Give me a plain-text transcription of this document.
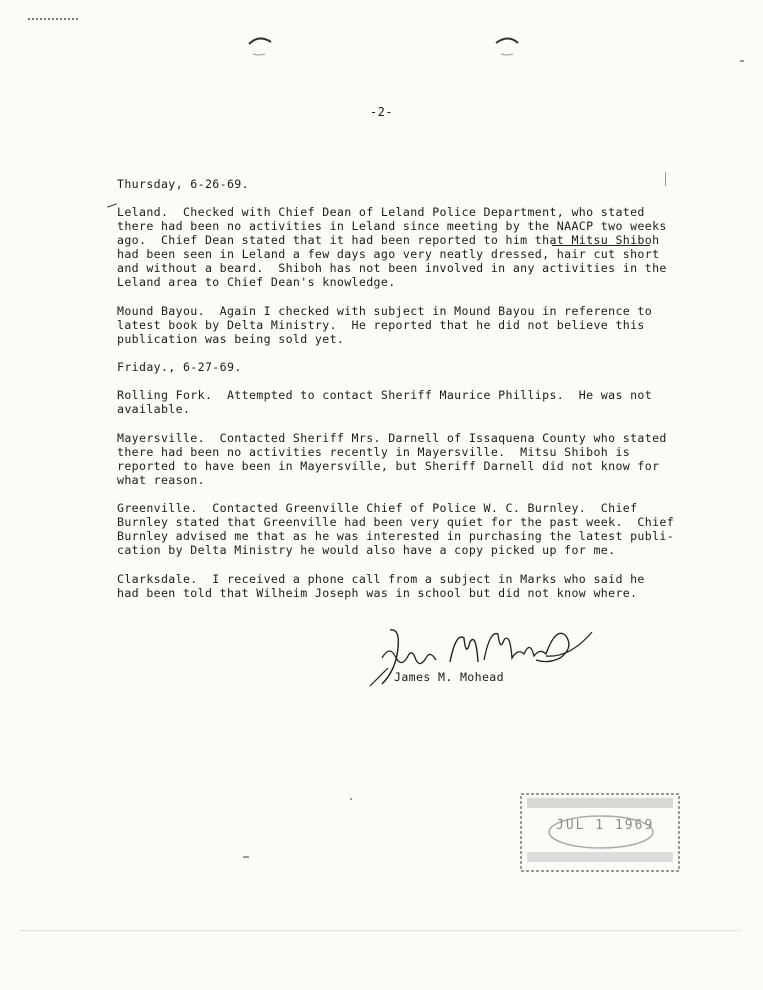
-2-
Thursday, 6-26-69.
Leland.  Checked with Chief Dean of Leland Police Department, who stated
there had been no activities in Leland since meeting by the NAACP two weeks
ago.  Chief Dean stated that it had been reported to him that Mitsu Shiboh
had been seen in Leland a few days ago very neatly dressed, hair cut short
and without a beard.  Shiboh has not been involved in any activities in the
Leland area to Chief Dean's knowledge.
Mound Bayou.  Again I checked with subject in Mound Bayou in reference to
latest book by Delta Ministry.  He reported that he did not believe this
publication was being sold yet.
Friday., 6-27-69.
Rolling Fork.  Attempted to contact Sheriff Maurice Phillips.  He was not
available.
Mayersville.  Contacted Sheriff Mrs. Darnell of Issaquena County who stated
there had been no activities recently in Mayersville.  Mitsu Shiboh is
reported to have been in Mayersville, but Sheriff Darnell did not know for
what reason.
Greenville.  Contacted Greenville Chief of Police W. C. Burnley.  Chief
Burnley stated that Greenville had been very quiet for the past week.  Chief
Burnley advised me that as he was interested in purchasing the latest publi-
cation by Delta Ministry he would also have a copy picked up for me.
Clarksdale.  I received a phone call from a subject in Marks who said he
had been told that Wilheim Joseph was in school but did not know where.
James M. Mohead
JUL 1 1969
